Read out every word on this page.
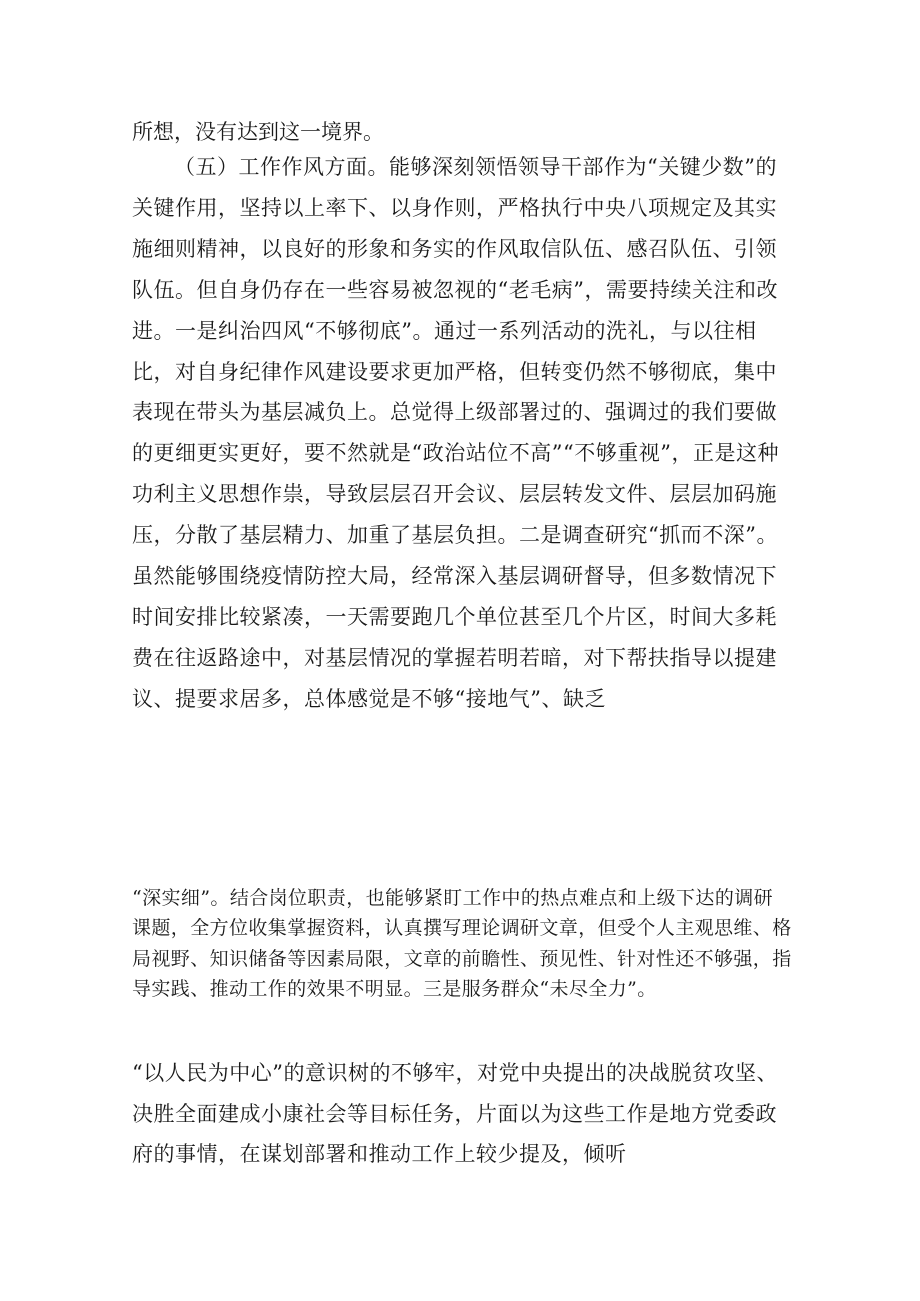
所想，没有达到这一境界。

（五）工作作风方面。能够深刻领悟领导干部作为“关键少数”的关键作用，坚持以上率下、以身作则，严格执行中央八项规定及其实施细则精神，以良好的形象和务实的作风取信队伍、感召队伍、引领队伍。但自身仍存在一些容易被忽视的“老毛病”，需要持续关注和改进。一是纠治四风“不够彻底”。通过一系列活动的洗礼，与以往相比，对自身纪律作风建设要求更加严格，但转变仍然不够彻底，集中表现在带头为基层减负上。总觉得上级部署过的、强调过的我们要做的更细更实更好，要不然就是“政治站位不高”“不够重视”，正是这种功利主义思想作祟，导致层层召开会议、层层转发文件、层层加码施压，分散了基层精力、加重了基层负担。二是调查研究“抓而不深”。虽然能够围绕疫情防控大局，经常深入基层调研督导，但多数情况下时间安排比较紧凑，一天需要跑几个单位甚至几个片区，时间大多耗费在往返路途中，对基层情况的掌握若明若暗，对下帮扶指导以提建议、提要求居多，总体感觉是不够“接地气”、缺乏

“深实细”。结合岗位职责，也能够紧盯工作中的热点难点和上级下达的调研课题，全方位收集掌握资料，认真撰写理论调研文章，但受个人主观思维、格局视野、知识储备等因素局限，文章的前瞻性、预见性、针对性还不够强，指导实践、推动工作的效果不明显。三是服务群众“未尽全力”。

“以人民为中心”的意识树的不够牢，对党中央提出的决战脱贫攻坚、决胜全面建成小康社会等目标任务，片面以为这些工作是地方党委政府的事情，在谋划部署和推动工作上较少提及，倾听
